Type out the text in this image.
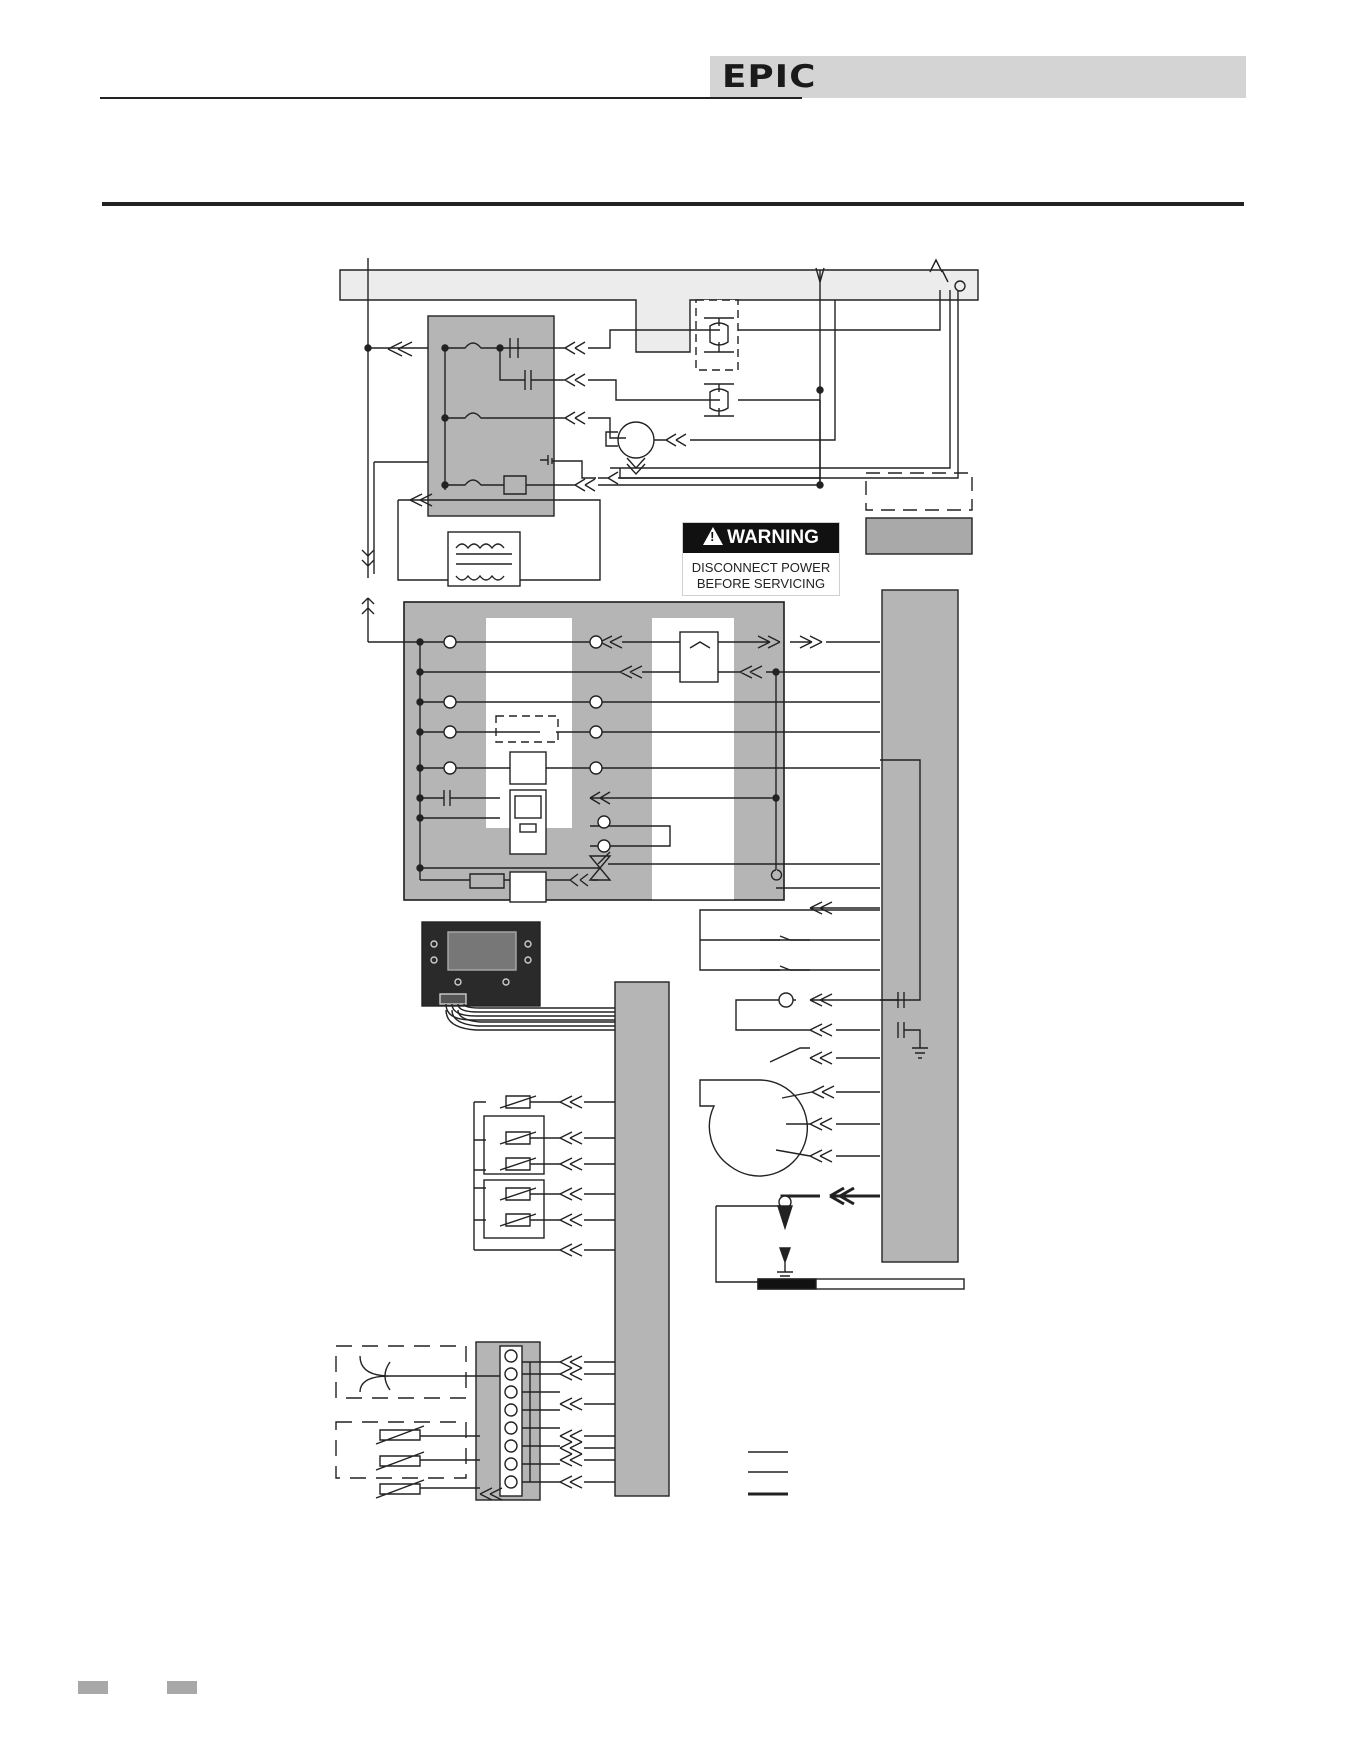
EPIC
!WARNING
DISCONNECT POWER
BEFORE SERVICING
